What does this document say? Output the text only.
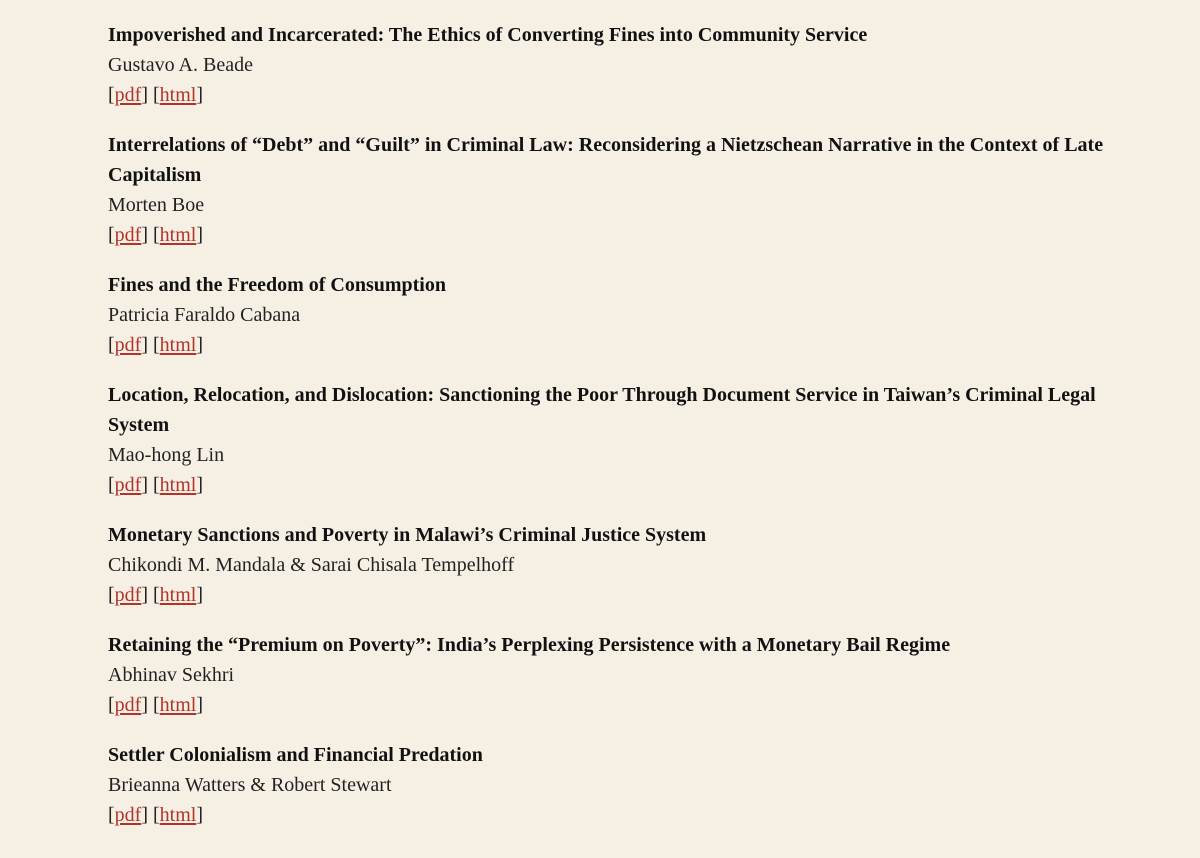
Impoverished and Incarcerated: The Ethics of Converting Fines into Community Service

Gustavo A. Beade

[pdf] [html]

Interrelations of “Debt” and “Guilt” in Criminal Law: Reconsidering a Nietzschean Narrative in the Context of Late Capitalism

Morten Boe

[pdf] [html]

Fines and the Freedom of Consumption

Patricia Faraldo Cabana

[pdf] [html]

Location, Relocation, and Dislocation: Sanctioning the Poor Through Document Service in Taiwan’s Criminal Legal System

Mao-hong Lin

[pdf] [html]

Monetary Sanctions and Poverty in Malawi’s Criminal Justice System

Chikondi M. Mandala & Sarai Chisala Tempelhoff

[pdf] [html]

Retaining the “Premium on Poverty”: India’s Perplexing Persistence with a Monetary Bail Regime

Abhinav Sekhri

[pdf] [html]

Settler Colonialism and Financial Predation

Brieanna Watters & Robert Stewart

[pdf] [html]
